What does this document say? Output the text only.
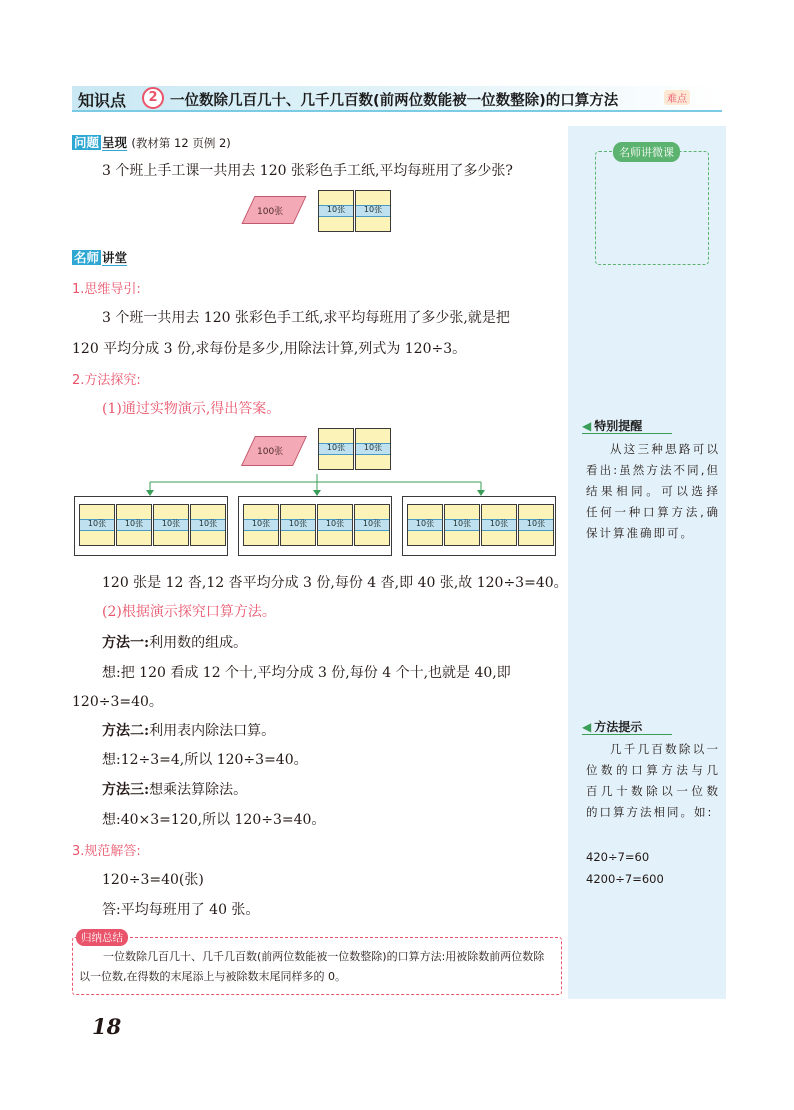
知识点	2 一位数除几百几十、几千几百数(前两位数能被一位数整除)的口算方法	难点
名师讲微课
◀ 特别提醒
从这三种思路可以看出:虽然方法不同,但结果相同。可以选择任何一种口算方法,确保计算准确即可。
◀ 方法提示
几千几百数除以一位数的口算方法与几百几十数除以一位数的口算方法相同。如:
420÷7=60
4200÷7=600
问题 呈现 (教材第 12 页例 2)
3 个班上手工课一共用去 120 张彩色手工纸,平均每班用了多少张?
100张	10张	10张
名师 讲堂
1.思维导引:
3 个班一共用去 120 张彩色手工纸,求平均每班用了多少张,就是把
120 平均分成 3 份,求每份是多少,用除法计算,列式为 120÷3。
2.方法探究:
(1)通过实物演示,得出答案。
100张	10张	10张
10张	10张	10张	10张	10张	10张	10张	10张	10张	10张	10张	10张
120 张是 12 沓,12 沓平均分成 3 份,每份 4 沓,即 40 张,故 120÷3=40。
(2)根据演示探究口算方法。
方法一:利用数的组成。
想:把 120 看成 12 个十,平均分成 3 份,每份 4 个十,也就是 40,即
120÷3=40。
方法二:利用表内除法口算。
想:12÷3=4,所以 120÷3=40。
方法三:想乘法算除法。
想:40×3=120,所以 120÷3=40。
3.规范解答:
120÷3=40(张)
答:平均每班用了 40 张。
归纳总结
一位数除几百几十、几千几百数(前两位数能被一位数整除)的口算方法:用被除数前两位数除以一位数,在得数的末尾添上与被除数末尾同样多的 0。
18
